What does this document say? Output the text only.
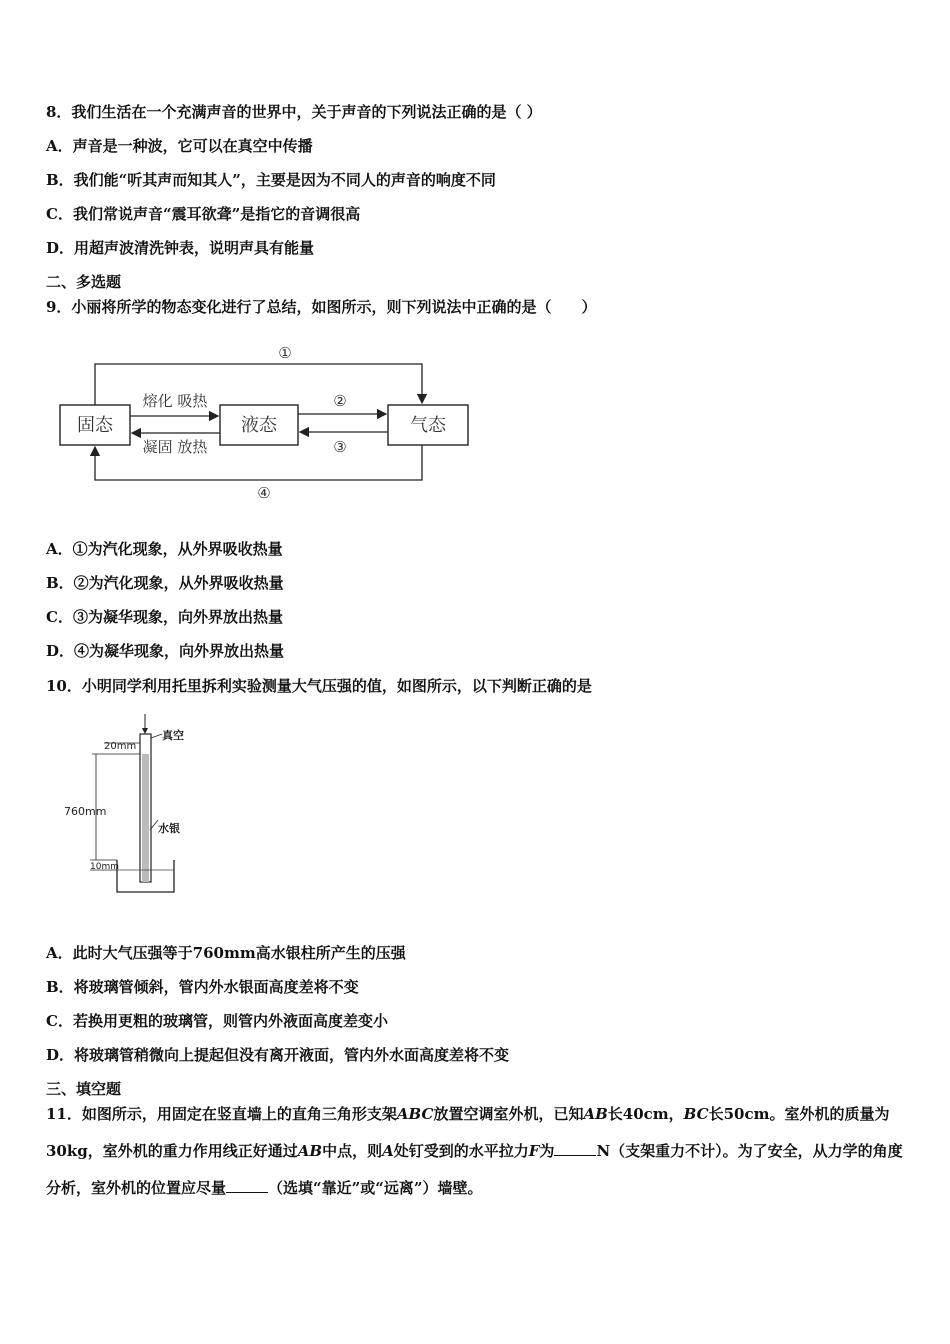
8．我们生活在一个充满声音的世界中，关于声音的下列说法正确的是（ ）
A．声音是一种波，它可以在真空中传播
B．我们能“听其声而知其人”，主要是因为不同人的声音的响度不同
C．我们常说声音“震耳欲聋”是指它的音调很高
D．用超声波清洗钟表，说明声具有能量
二、多选题
9．小丽将所学的物态变化进行了总结，如图所示，则下列说法中正确的是（　　）
固态	液态	气态
熔化 吸热
凝固 放热
②
③
①
④
A．①为汽化现象，从外界吸收热量
B．②为汽化现象，从外界吸收热量
C．③为凝华现象，向外界放出热量
D．④为凝华现象，向外界放出热量
10．小明同学利用托里拆利实验测量大气压强的值，如图所示，以下判断正确的是
20mm
真空
760mm
水银
10mm
A．此时大气压强等于760mm高水银柱所产生的压强
B．将玻璃管倾斜，管内外水银面高度差将不变
C．若换用更粗的玻璃管，则管内外液面高度差变小
D．将玻璃管稍微向上提起但没有离开液面，管内外水面高度差将不变
三、填空题
11．如图所示，用固定在竖直墙上的直角三角形支架ABC放置空调室外机，已知AB长40cm，BC长50cm。室外机的质量为30kg，室外机的重力作用线正好通过AB中点，则A处钉受到的水平拉力F为	N（支架重力不计）。为了安全，从力学的角度分析，室外机的位置应尽量	（选填“靠近”或“远离”）墙壁。
